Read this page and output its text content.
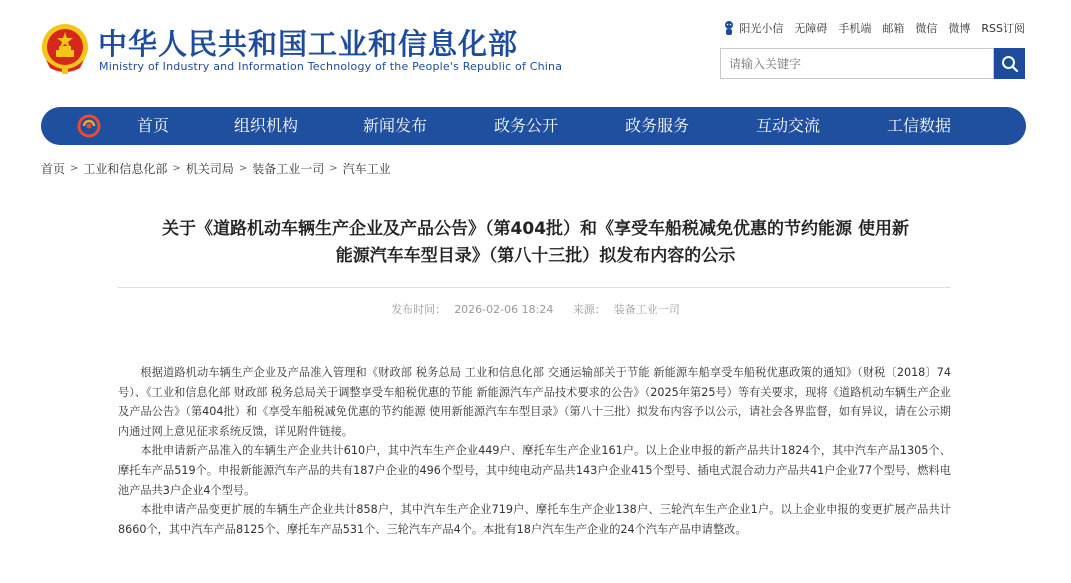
中华人民共和国工业和信息化部
Ministry of Industry and Information Technology of the People's Republic of China
阳光小信 无障碍 手机端 邮箱 微信 微博 RSS订阅
请输入关键字
首页	组织机构	新闻发布	政务公开	政务服务	互动交流	工信数据
首页 > 工业和信息化部 > 机关司局 > 装备工业一司 > 汽车工业
关于《道路机动车辆生产企业及产品公告》（第404批）和《享受车船税减免优惠的节约能源 使用新
能源汽车车型目录》（第八十三批）拟发布内容的公示
发布时间： 2026-02-06 18:24 来源： 装备工业一司

根据道路机动车辆生产企业及产品准入管理和《财政部 税务总局 工业和信息化部 交通运输部关于节能 新能源车船享受车船税优惠政策的通知》（财税〔2018〕74号）、《工业和信息化部 财政部 税务总局关于调整享受车船税优惠的节能 新能源汽车产品技术要求的公告》（2025年第25号）等有关要求，现将《道路机动车辆生产企业及产品公告》（第404批）和《享受车船税减免优惠的节约能源 使用新能源汽车车型目录》（第八十三批）拟发布内容予以公示，请社会各界监督，如有异议，请在公示期内通过网上意见征求系统反馈，详见附件链接。

本批申请新产品准入的车辆生产企业共计610户，其中汽车生产企业449户、摩托车生产企业161户。以上企业申报的新产品共计1824个，其中汽车产品1305个、摩托车产品519个。申报新能源汽车产品的共有187户企业的496个型号，其中纯电动产品共143户企业415个型号、插电式混合动力产品共41户企业77个型号、燃料电池产品共3户企业4个型号。

本批申请产品变更扩展的车辆生产企业共计858户，其中汽车生产企业719户、摩托车生产企业138户、三轮汽车生产企业1户。以上企业申报的变更扩展产品共计8660个，其中汽车产品8125个、摩托车产品531个、三轮汽车产品4个。本批有18户汽车生产企业的24个汽车产品申请整改。
